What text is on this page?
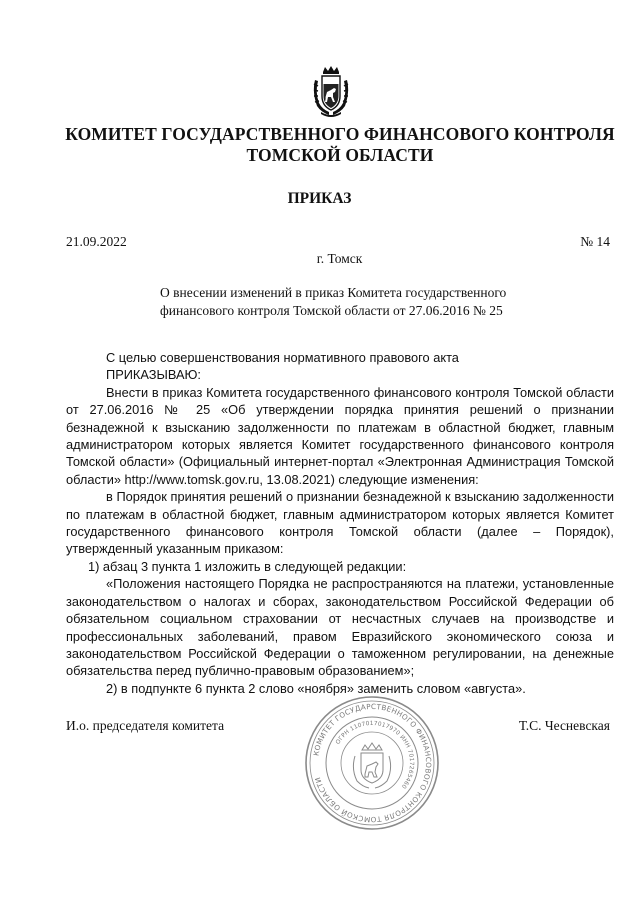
КОМИТЕТ ГОСУДАРСТВЕННОГО ФИНАНСОВОГО КОНТРОЛЯ
ТОМСКОЙ ОБЛАСТИ
ПРИКАЗ
21.09.2022	№ 14
г. Томск
О внесении изменений в приказ Комитета государственного
финансового контроля Томской области от 27.06.2016 № 25

С целью совершенствования нормативного правового акта

ПРИКАЗЫВАЮ:

Внести в приказ Комитета государственного финансового контроля Томской области от 27.06.2016 № 25 «Об утверждении порядка принятия решений о признании безнадежной к взысканию задолженности по платежам в областной бюджет, главным администратором которых является Комитет государственного финансового контроля Томской области» (Официальный интернет-портал «Электронная Администрация Томской области» http://www.tomsk.gov.ru, 13.08.2021) следующие изменения:

в Порядок принятия решений о признании безнадежной к взысканию задолженности по платежам в областной бюджет, главным администратором которых является Комитет государственного финансового контроля Томской области (далее – Порядок), утвержденный указанным приказом:

1) абзац 3 пункта 1 изложить в следующей редакции:

«Положения настоящего Порядка не распространяются на платежи, установленные законодательством о налогах и сборах, законодательством Российской Федерации об обязательном социальном страховании от несчастных случаев на производстве и профессиональных заболеваний, правом Евразийского экономического союза и законодательством Российской Федерации о таможенном регулировании, на денежные обязательства перед публично-правовым образованием»;

2) в подпункте 6 пункта 2 слово «ноября» заменить словом «августа».

И.о. председателя комитета	Т.С. Чесневская
КОМИТЕТ ГОСУДАРСТВЕННОГО ФИНАНСОВОГО КОНТРОЛЯ ТОМСКОЙ ОБЛАСТИ
ОГРН 1107017017970 ИНН 7017265460
